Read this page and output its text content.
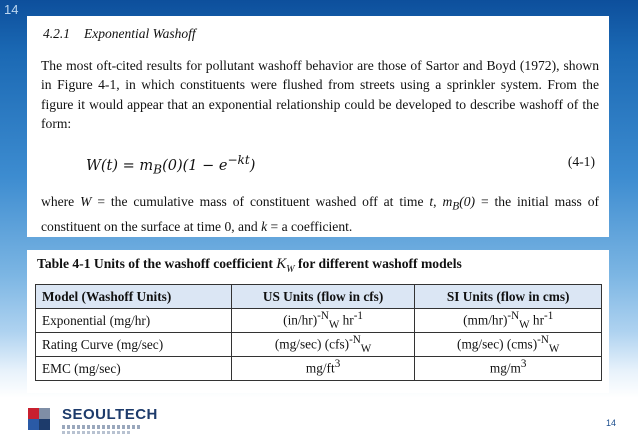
14
4.2.1 Exponential Washoff

The most oft-cited results for pollutant washoff behavior are those of Sartor and Boyd (1972), shown in Figure 4-1, in which constituents were flushed from streets using a sprinkler system. From the figure it would appear that an exponential relationship could be developed to describe washoff of the form:

$W(t) = m_B(0)(1 - e^{-kt})$	(4-1)

where W = the cumulative mass of constituent washed off at time t, $m_B(0)$ = the initial mass of constituent on the surface at time 0, and k = a coefficient.

Table 4-1 Units of the washoff coefficient $K_W$ for different washoff models
Model (Washoff Units)	US Units (flow in cfs)	SI Units (flow in cms)
Exponential (mg/hr)	$(in/hr)^{-N}_W$ $hr^{-1}$	$(mm/hr)^{-N}_W$ $hr^{-1}$
Rating Curve (mg/sec)	(mg/sec) (cfs)$^{-N}_W$	(mg/sec) (cms)$^{-N}_W$
EMC (mg/sec)	$mg/ft^3$	$mg/m^3$
SEOULTECH	14
